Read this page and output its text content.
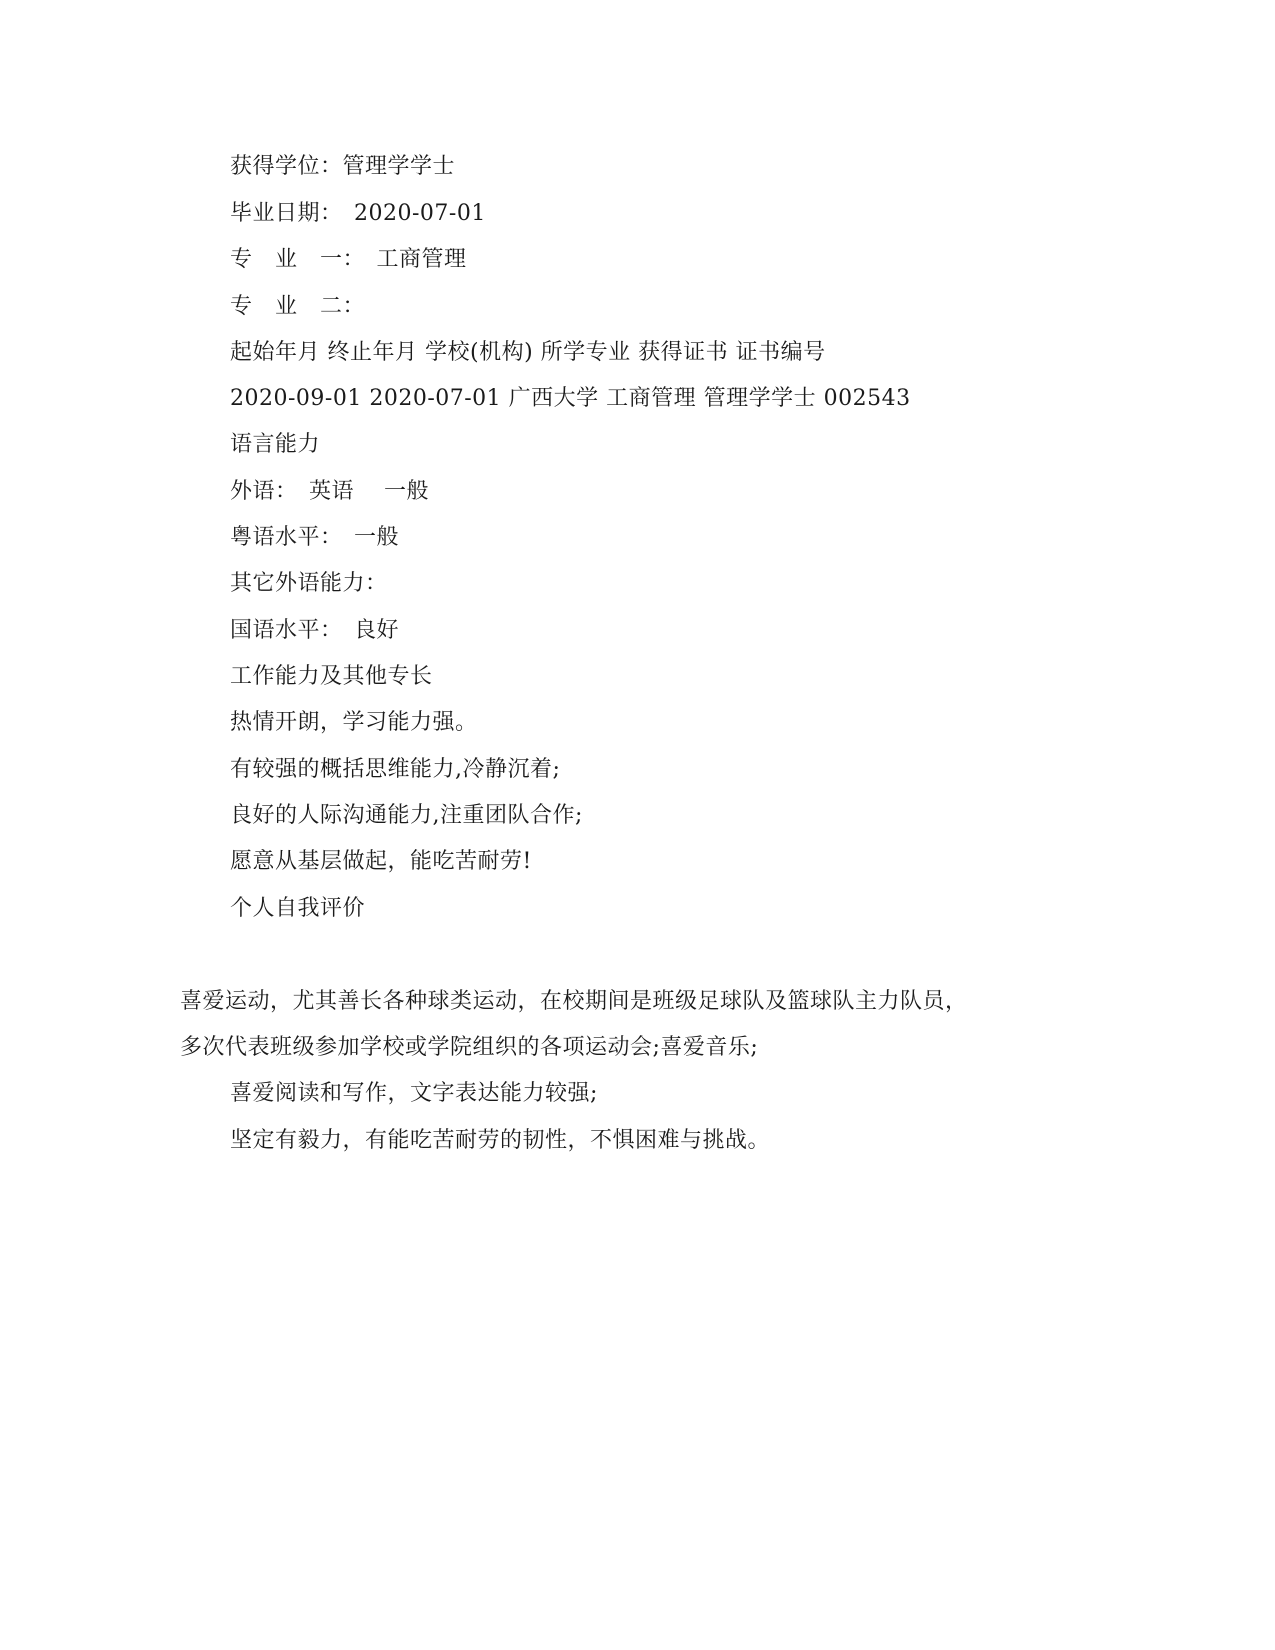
获得学位：管理学学士
毕业日期：　2020-07-01
专　业　一：　工商管理
专　业　二：
起始年月 终止年月 学校(机构) 所学专业 获得证书 证书编号
2020-09-01 2020-07-01 广西大学 工商管理 管理学学士 002543
语言能力
外语：　英语　 一般
粤语水平：　一般
其它外语能力：
国语水平：　良好
工作能力及其他专长
热情开朗，学习能力强。
有较强的概括思维能力,冷静沉着;
良好的人际沟通能力,注重团队合作;
愿意从基层做起，能吃苦耐劳!
个人自我评价
喜爱运动，尤其善长各种球类运动，在校期间是班级足球队及篮球队主力队员，
多次代表班级参加学校或学院组织的各项运动会;喜爱音乐;
喜爱阅读和写作，文字表达能力较强;
坚定有毅力，有能吃苦耐劳的韧性，不惧困难与挑战。
